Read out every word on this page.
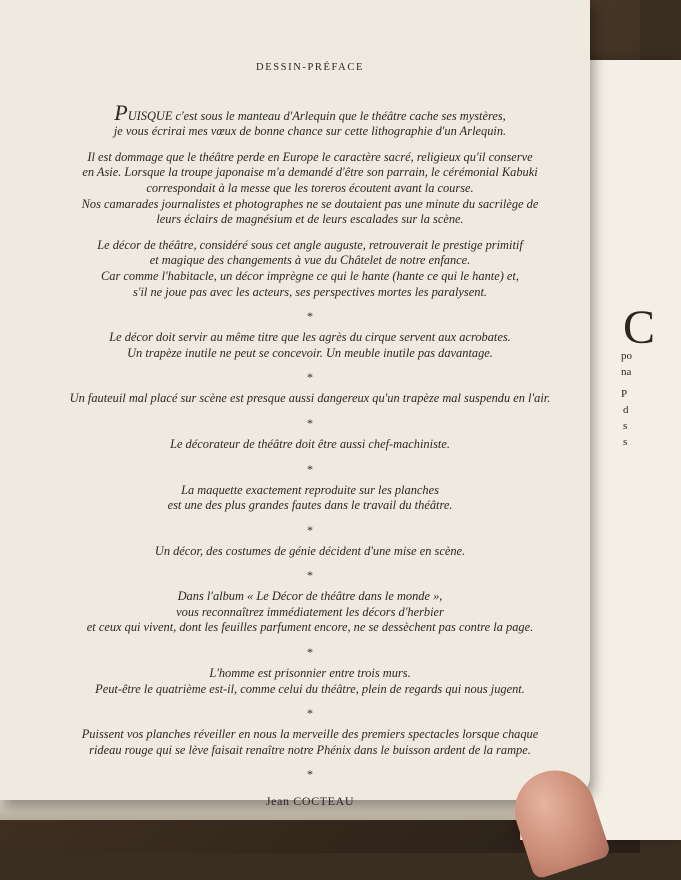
C
po
na
P
d
s
s
DESSIN-PRÉFACE
PUISQUE c'est sous le manteau d'Arlequin que le théâtre cache ses mystères,
je vous écrirai mes vœux de bonne chance sur cette lithographie d'un Arlequin.
Il est dommage que le théâtre perde en Europe le caractère sacré, religieux qu'il conserve
en Asie. Lorsque la troupe japonaise m'a demandé d'être son parrain, le cérémonial Kabuki
correspondait à la messe que les toreros écoutent avant la course.
Nos camarades journalistes et photographes ne se doutaient pas une minute du sacrilège de
leurs éclairs de magnésium et de leurs escalades sur la scène.
Le décor de théâtre, considéré sous cet angle auguste, retrouverait le prestige primitif
et magique des changements à vue du Châtelet de notre enfance.
Car comme l'habitacle, un décor imprègne ce qui le hante (hante ce qui le hante) et,
s'il ne joue pas avec les acteurs, ses perspectives mortes les paralysent.
*
Le décor doit servir au même titre que les agrès du cirque servent aux acrobates.
Un trapèze inutile ne peut se concevoir. Un meuble inutile pas davantage.
*
Un fauteuil mal placé sur scène est presque aussi dangereux qu'un trapèze mal suspendu en l'air.
*
Le décorateur de théâtre doit être aussi chef-machiniste.
*
La maquette exactement reproduite sur les planches
est une des plus grandes fautes dans le travail du théâtre.
*
Un décor, des costumes de génie décident d'une mise en scène.
*
Dans l'album « Le Décor de théâtre dans le monde »,
vous reconnaîtrez immédiatement les décors d'herbier
et ceux qui vivent, dont les feuilles parfument encore, ne se dessèchent pas contre la page.
*
L'homme est prisonnier entre trois murs.
Peut-être le quatrième est-il, comme celui du théâtre, plein de regards qui nous jugent.
*
Puissent vos planches réveiller en nous la merveille des premiers spectacles lorsque chaque
rideau rouge qui se lève faisait renaître notre Phénix dans le buisson ardent de la rampe.
*
Jean COCTEAU
